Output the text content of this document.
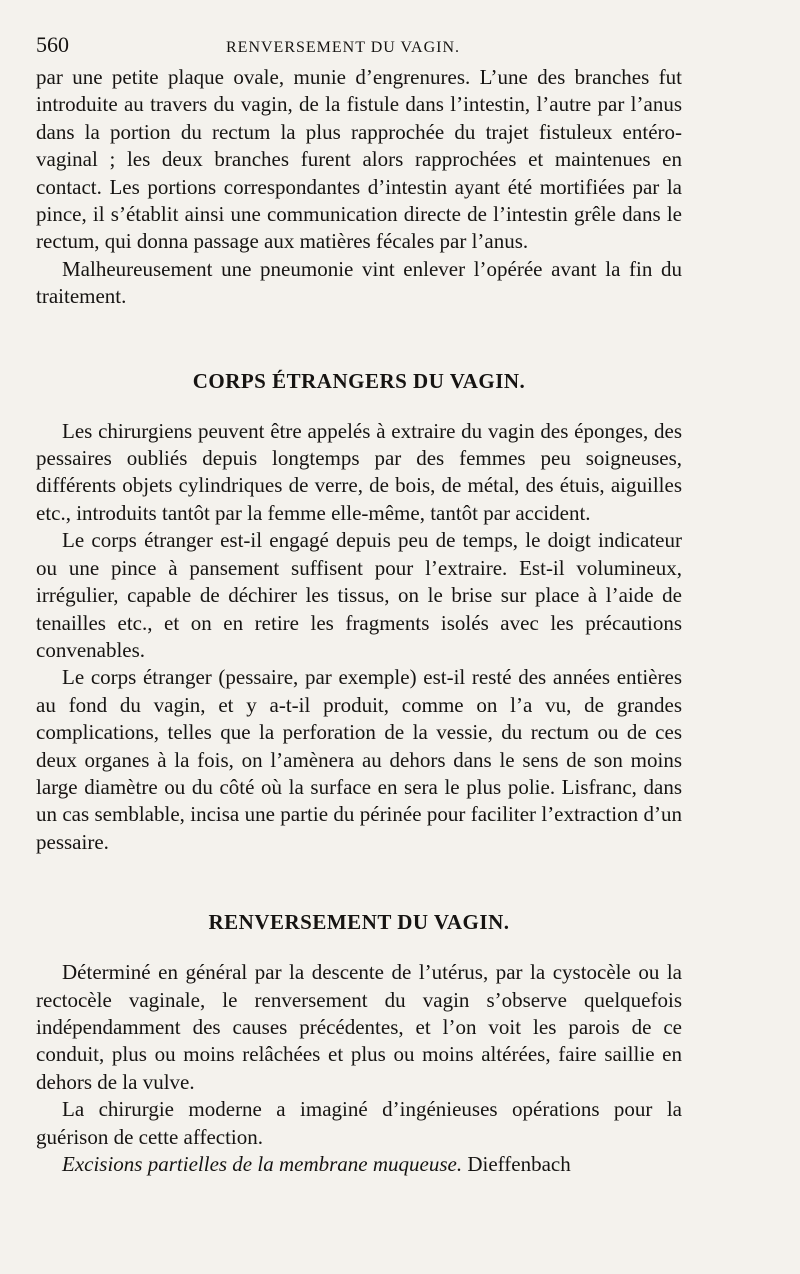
560	RENVERSEMENT DU VAGIN.

par une petite plaque ovale, munie d’engrenures. L’une des branches fut introduite au travers du vagin, de la fistule dans l’intestin, l’autre par l’anus dans la portion du rectum la plus rapprochée du trajet fistuleux entéro-vaginal ; les deux branches furent alors rapprochées et maintenues en contact. Les portions correspondantes d’intestin ayant été mortifiées par la pince, il s’établit ainsi une communication directe de l’intestin grêle dans le rectum, qui donna passage aux matières fécales par l’anus.

Malheureusement une pneumonie vint enlever l’opérée avant la fin du traitement.

CORPS ÉTRANGERS DU VAGIN.

Les chirurgiens peuvent être appelés à extraire du vagin des éponges, des pessaires oubliés depuis longtemps par des femmes peu soigneuses, différents objets cylindriques de verre, de bois, de métal, des étuis, aiguilles etc., introduits tantôt par la femme elle-même, tantôt par accident.

Le corps étranger est-il engagé depuis peu de temps, le doigt indicateur ou une pince à pansement suffisent pour l’extraire. Est-il volumineux, irrégulier, capable de déchirer les tissus, on le brise sur place à l’aide de tenailles etc., et on en retire les fragments isolés avec les précautions convenables.

Le corps étranger (pessaire, par exemple) est-il resté des années entières au fond du vagin, et y a-t-il produit, comme on l’a vu, de grandes complications, telles que la perforation de la vessie, du rectum ou de ces deux organes à la fois, on l’amènera au dehors dans le sens de son moins large diamètre ou du côté où la surface en sera le plus polie. Lisfranc, dans un cas semblable, incisa une partie du périnée pour faciliter l’extraction d’un pessaire.

RENVERSEMENT DU VAGIN.

Déterminé en général par la descente de l’utérus, par la cystocèle ou la rectocèle vaginale, le renversement du vagin s’observe quelquefois indépendamment des causes précédentes, et l’on voit les parois de ce conduit, plus ou moins relâchées et plus ou moins altérées, faire saillie en dehors de la vulve.

La chirurgie moderne a imaginé d’ingénieuses opérations pour la guérison de cette affection.

Excisions partielles de la membrane muqueuse. Dieffenbach
